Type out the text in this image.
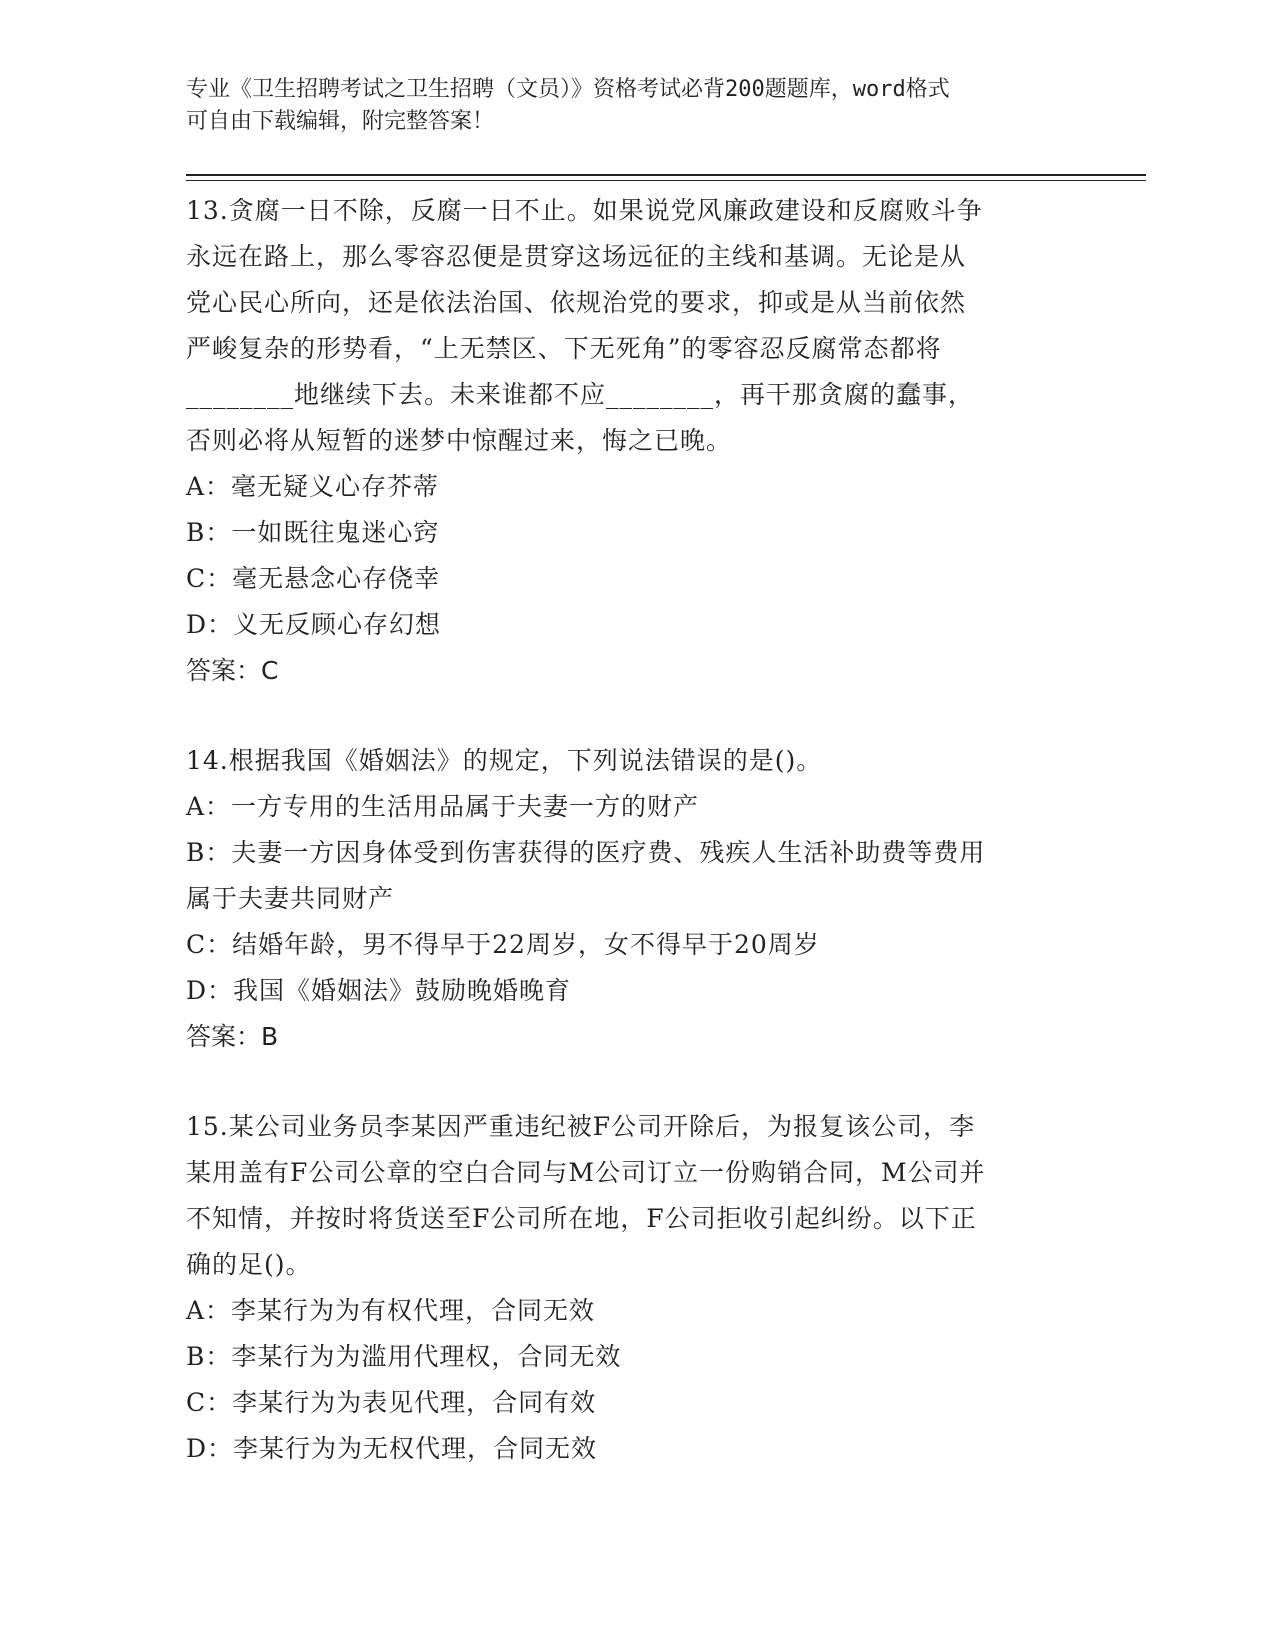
专业《卫生招聘考试之卫生招聘（文员）》资格考试必背200题题库，word格式
可自由下载编辑，附完整答案！
13.贪腐一日不除，反腐一日不止。如果说党风廉政建设和反腐败斗争
永远在路上，那么零容忍便是贯穿这场远征的主线和基调。无论是从
党心民心所向，还是依法治国、依规治党的要求，抑或是从当前依然
严峻复杂的形势看，“上无禁区、下无死角”的零容忍反腐常态都将
________地继续下去。未来谁都不应________，再干那贪腐的蠢事，
否则必将从短暂的迷梦中惊醒过来，悔之已晚。
A：毫无疑义心存芥蒂
B：一如既往鬼迷心窍
C：毫无悬念心存侥幸
D：义无反顾心存幻想
答案：C
14.根据我国《婚姻法》的规定，下列说法错误的是()。
A：一方专用的生活用品属于夫妻一方的财产
B：夫妻一方因身体受到伤害获得的医疗费、残疾人生活补助费等费用
属于夫妻共同财产
C：结婚年龄，男不得早于22周岁，女不得早于20周岁
D：我国《婚姻法》鼓励晚婚晚育
答案：B
15.某公司业务员李某因严重违纪被F公司开除后，为报复该公司，李
某用盖有F公司公章的空白合同与M公司订立一份购销合同，M公司并
不知情，并按时将货送至F公司所在地，F公司拒收引起纠纷。以下正
确的足()。
A：李某行为为有权代理，合同无效
B：李某行为为滥用代理权，合同无效
C：李某行为为表见代理，合同有效
D：李某行为为无权代理，合同无效
